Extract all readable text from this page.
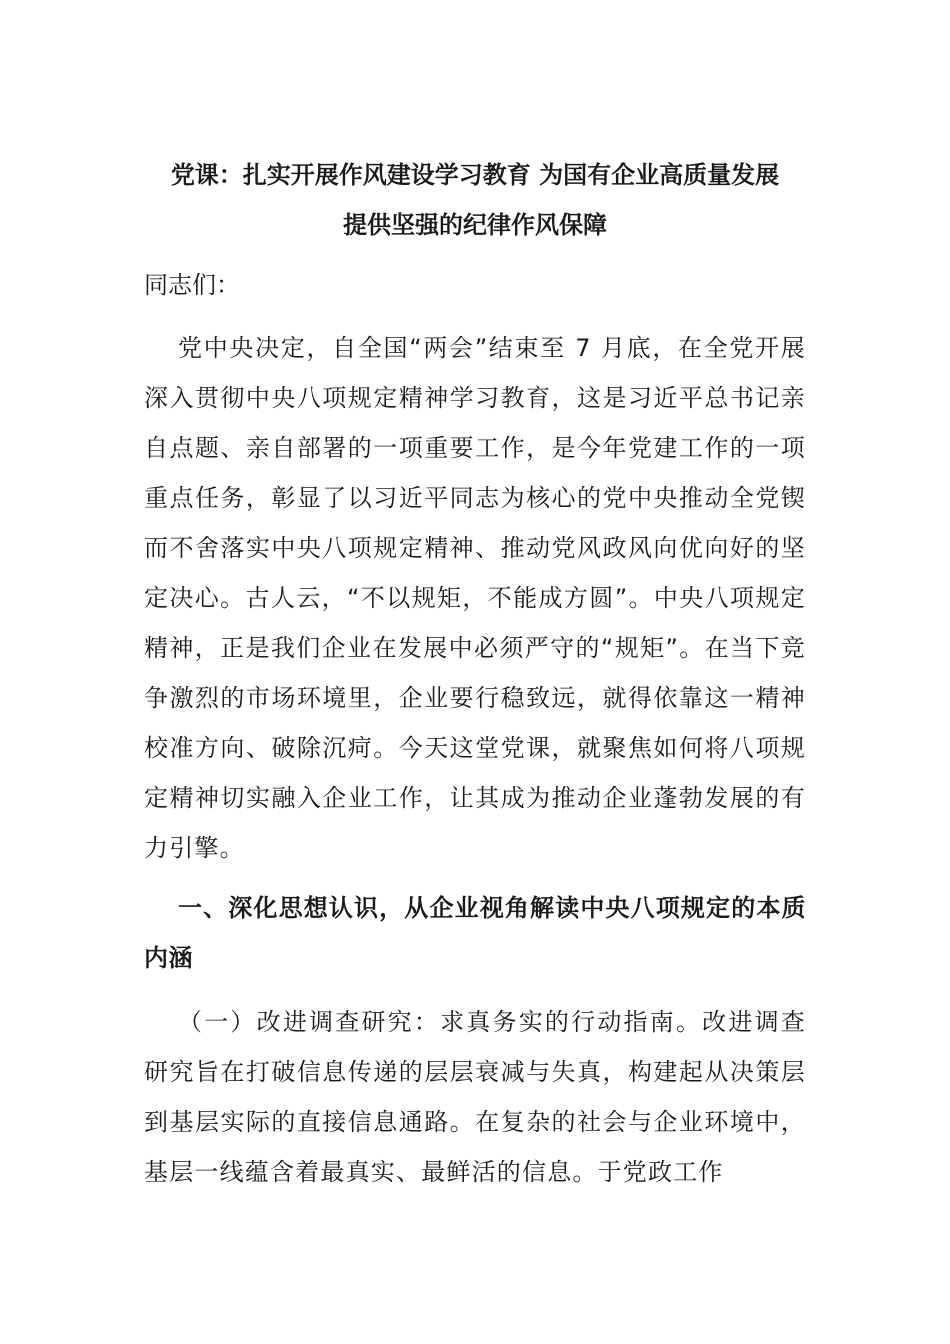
党课：扎实开展作风建设学习教育 为国有企业高质量发展
提供坚强的纪律作风保障

同志们：

党中央决定，自全国“两会”结束至 7 月底，在全党开展深入贯彻中央八项规定精神学习教育，这是习近平总书记亲自点题、亲自部署的一项重要工作，是今年党建工作的一项重点任务，彰显了以习近平同志为核心的党中央推动全党锲而不舍落实中央八项规定精神、推动党风政风向优向好的坚定决心。古人云，“不以规矩，不能成方圆”。中央八项规定精神，正是我们企业在发展中必须严守的“规矩”。在当下竞争激烈的市场环境里，企业要行稳致远，就得依靠这一精神校准方向、破除沉疴。今天这堂党课，就聚焦如何将八项规定精神切实融入企业工作，让其成为推动企业蓬勃发展的有力引擎。

一、深化思想认识，从企业视角解读中央八项规定的本质内涵

（一）改进调查研究：求真务实的行动指南。改进调查研究旨在打破信息传递的层层衰减与失真，构建起从决策层到基层实际的直接信息通路。在复杂的社会与企业环境中，基层一线蕴含着最真实、最鲜活的信息。于党政工作
